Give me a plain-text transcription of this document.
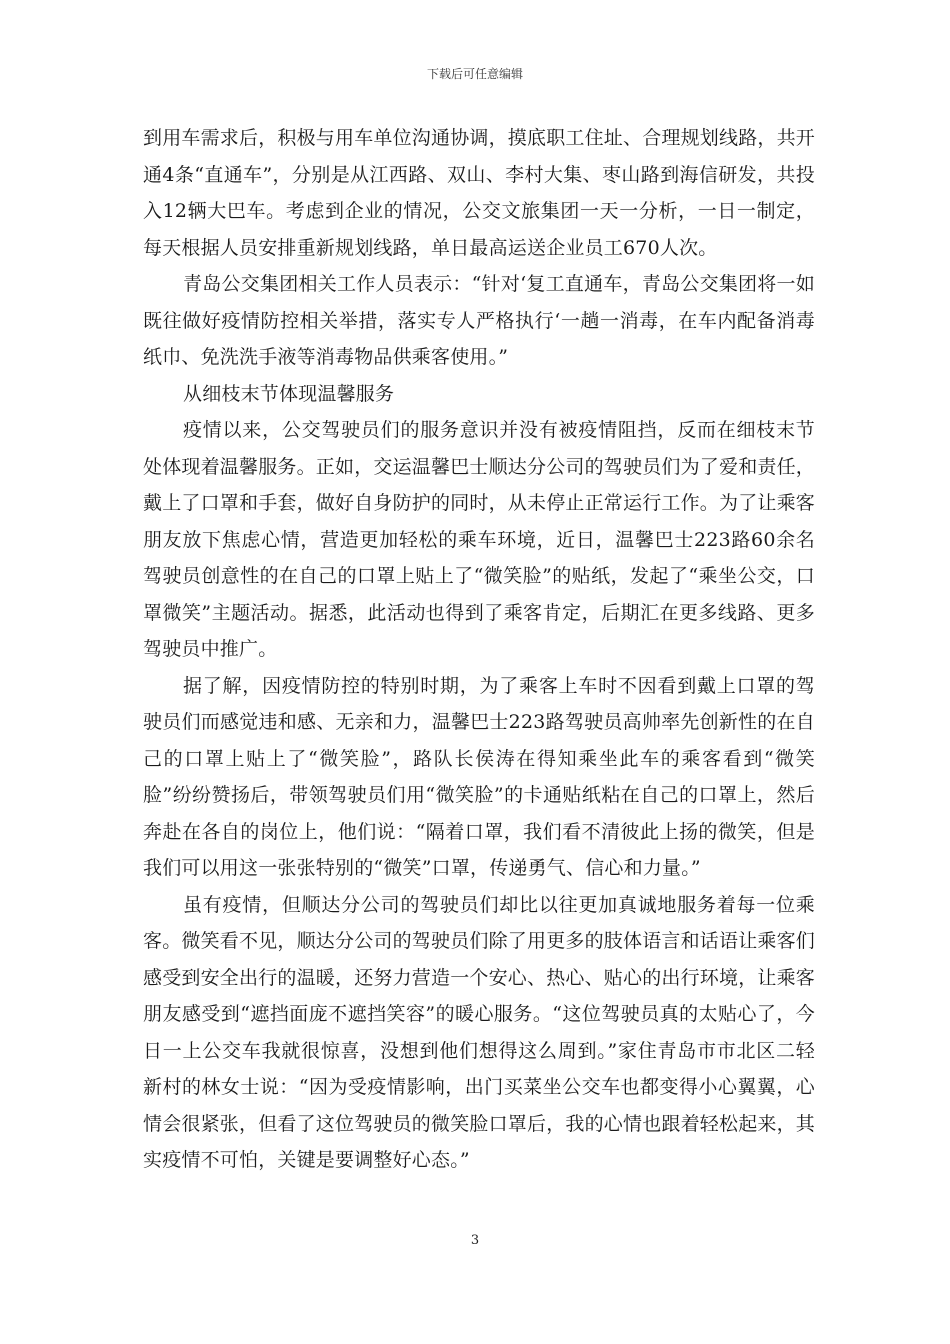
下载后可任意编辑

到用车需求后，积极与用车单位沟通协调，摸底职工住址、合理规划线路，共开通4条“直通车”，分别是从江西路、双山、李村大集、枣山路到海信研发，共投入12辆大巴车。考虑到企业的情况，公交文旅集团一天一分析，一日一制定，每天根据人员安排重新规划线路，单日最高运送企业员工670人次。

青岛公交集团相关工作人员表示：“针对‘复工直通车，青岛公交集团将一如既往做好疫情防控相关举措，落实专人严格执行‘一趟一消毒，在车内配备消毒纸巾、免洗洗手液等消毒物品供乘客使用。”

从细枝末节体现温馨服务

疫情以来，公交驾驶员们的服务意识并没有被疫情阻挡，反而在细枝末节处体现着温馨服务。正如，交运温馨巴士顺达分公司的驾驶员们为了爱和责任，戴上了口罩和手套，做好自身防护的同时，从未停止正常运行工作。为了让乘客朋友放下焦虑心情，营造更加轻松的乘车环境，近日，温馨巴士223路60余名驾驶员创意性的在自己的口罩上贴上了“微笑脸”的贴纸，发起了“乘坐公交，口罩微笑”主题活动。据悉，此活动也得到了乘客肯定，后期汇在更多线路、更多驾驶员中推广。

据了解，因疫情防控的特别时期，为了乘客上车时不因看到戴上口罩的驾驶员们而感觉违和感、无亲和力，温馨巴士223路驾驶员高帅率先创新性的在自己的口罩上贴上了“微笑脸”，路队长侯涛在得知乘坐此车的乘客看到“微笑脸”纷纷赞扬后，带领驾驶员们用“微笑脸”的卡通贴纸粘在自己的口罩上，然后奔赴在各自的岗位上，他们说：“隔着口罩，我们看不清彼此上扬的微笑，但是我们可以用这一张张特别的“微笑”口罩，传递勇气、信心和力量。”

虽有疫情，但顺达分公司的驾驶员们却比以往更加真诚地服务着每一位乘客。微笑看不见，顺达分公司的驾驶员们除了用更多的肢体语言和话语让乘客们感受到安全出行的温暖，还努力营造一个安心、热心、贴心的出行环境，让乘客朋友感受到“遮挡面庞不遮挡笑容”的暖心服务。“这位驾驶员真的太贴心了，今日一上公交车我就很惊喜，没想到他们想得这么周到。”家住青岛市市北区二轻新村的林女士说：“因为受疫情影响，出门买菜坐公交车也都变得小心翼翼，心情会很紧张，但看了这位驾驶员的微笑脸口罩后，我的心情也跟着轻松起来，其实疫情不可怕，关键是要调整好心态。”

3
